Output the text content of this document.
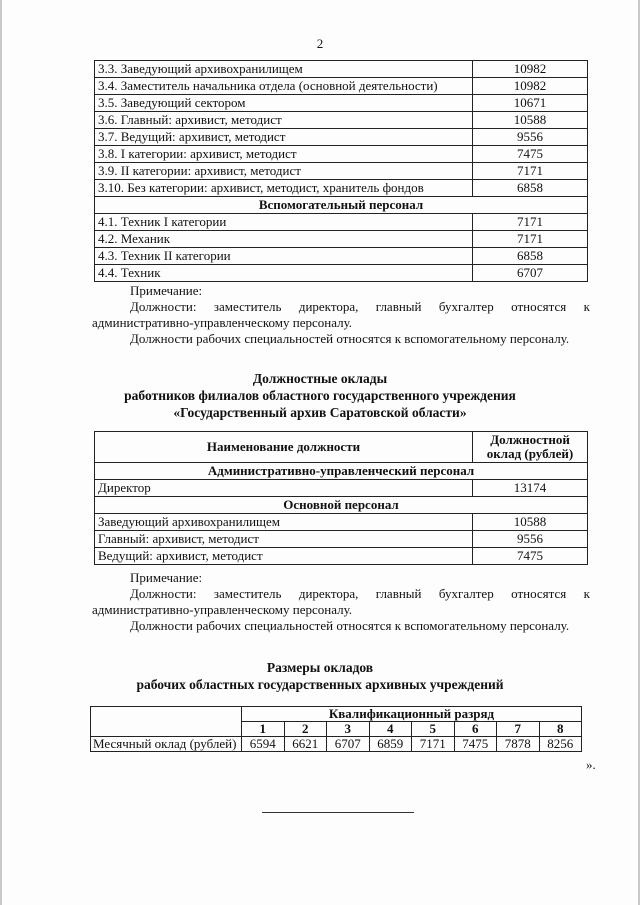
2
3.3. Заведующий архивохранилищем	10982
3.4. Заместитель начальника отдела (основной деятельности)	10982
3.5. Заведующий сектором	10671
3.6. Главный: архивист, методист	10588
3.7. Ведущий: архивист, методист	9556
3.8. I категории: архивист, методист	7475
3.9. II категории: архивист, методист	7171
3.10. Без категории: архивист, методист, хранитель фондов	6858
Вспомогательный персонал	
4.1. Техник I категории	7171
4.2. Механик	7171
4.3. Техник II категории	6858
4.4. Техник	6707
Примечание:
Должности: заместитель директора, главный бухгалтер относятся к административно-управленческому персоналу.
Должности рабочих специальностей относятся к вспомогательному персоналу.
Должностные оклады
работников филиалов областного государственного учреждения
«Государственный архив Саратовской области»
Наименование должности	Должностной оклад (рублей)
Административно-управленческий персонал	
Директор	13174
Основной персонал	
Заведующий архивохранилищем	10588
Главный: архивист, методист	9556
Ведущий: архивист, методист	7475
Примечание:
Должности: заместитель директора, главный бухгалтер относятся к административно-управленческому персоналу.
Должности рабочих специальностей относятся к вспомогательному персоналу.
Размеры окладов
рабочих областных государственных архивных учреждений
	Квалификационный разряд							
	1	2	3	4	5	6	7	8
Месячный оклад (рублей)	6594	6621	6707	6859	7171	7475	7878	8256
».
